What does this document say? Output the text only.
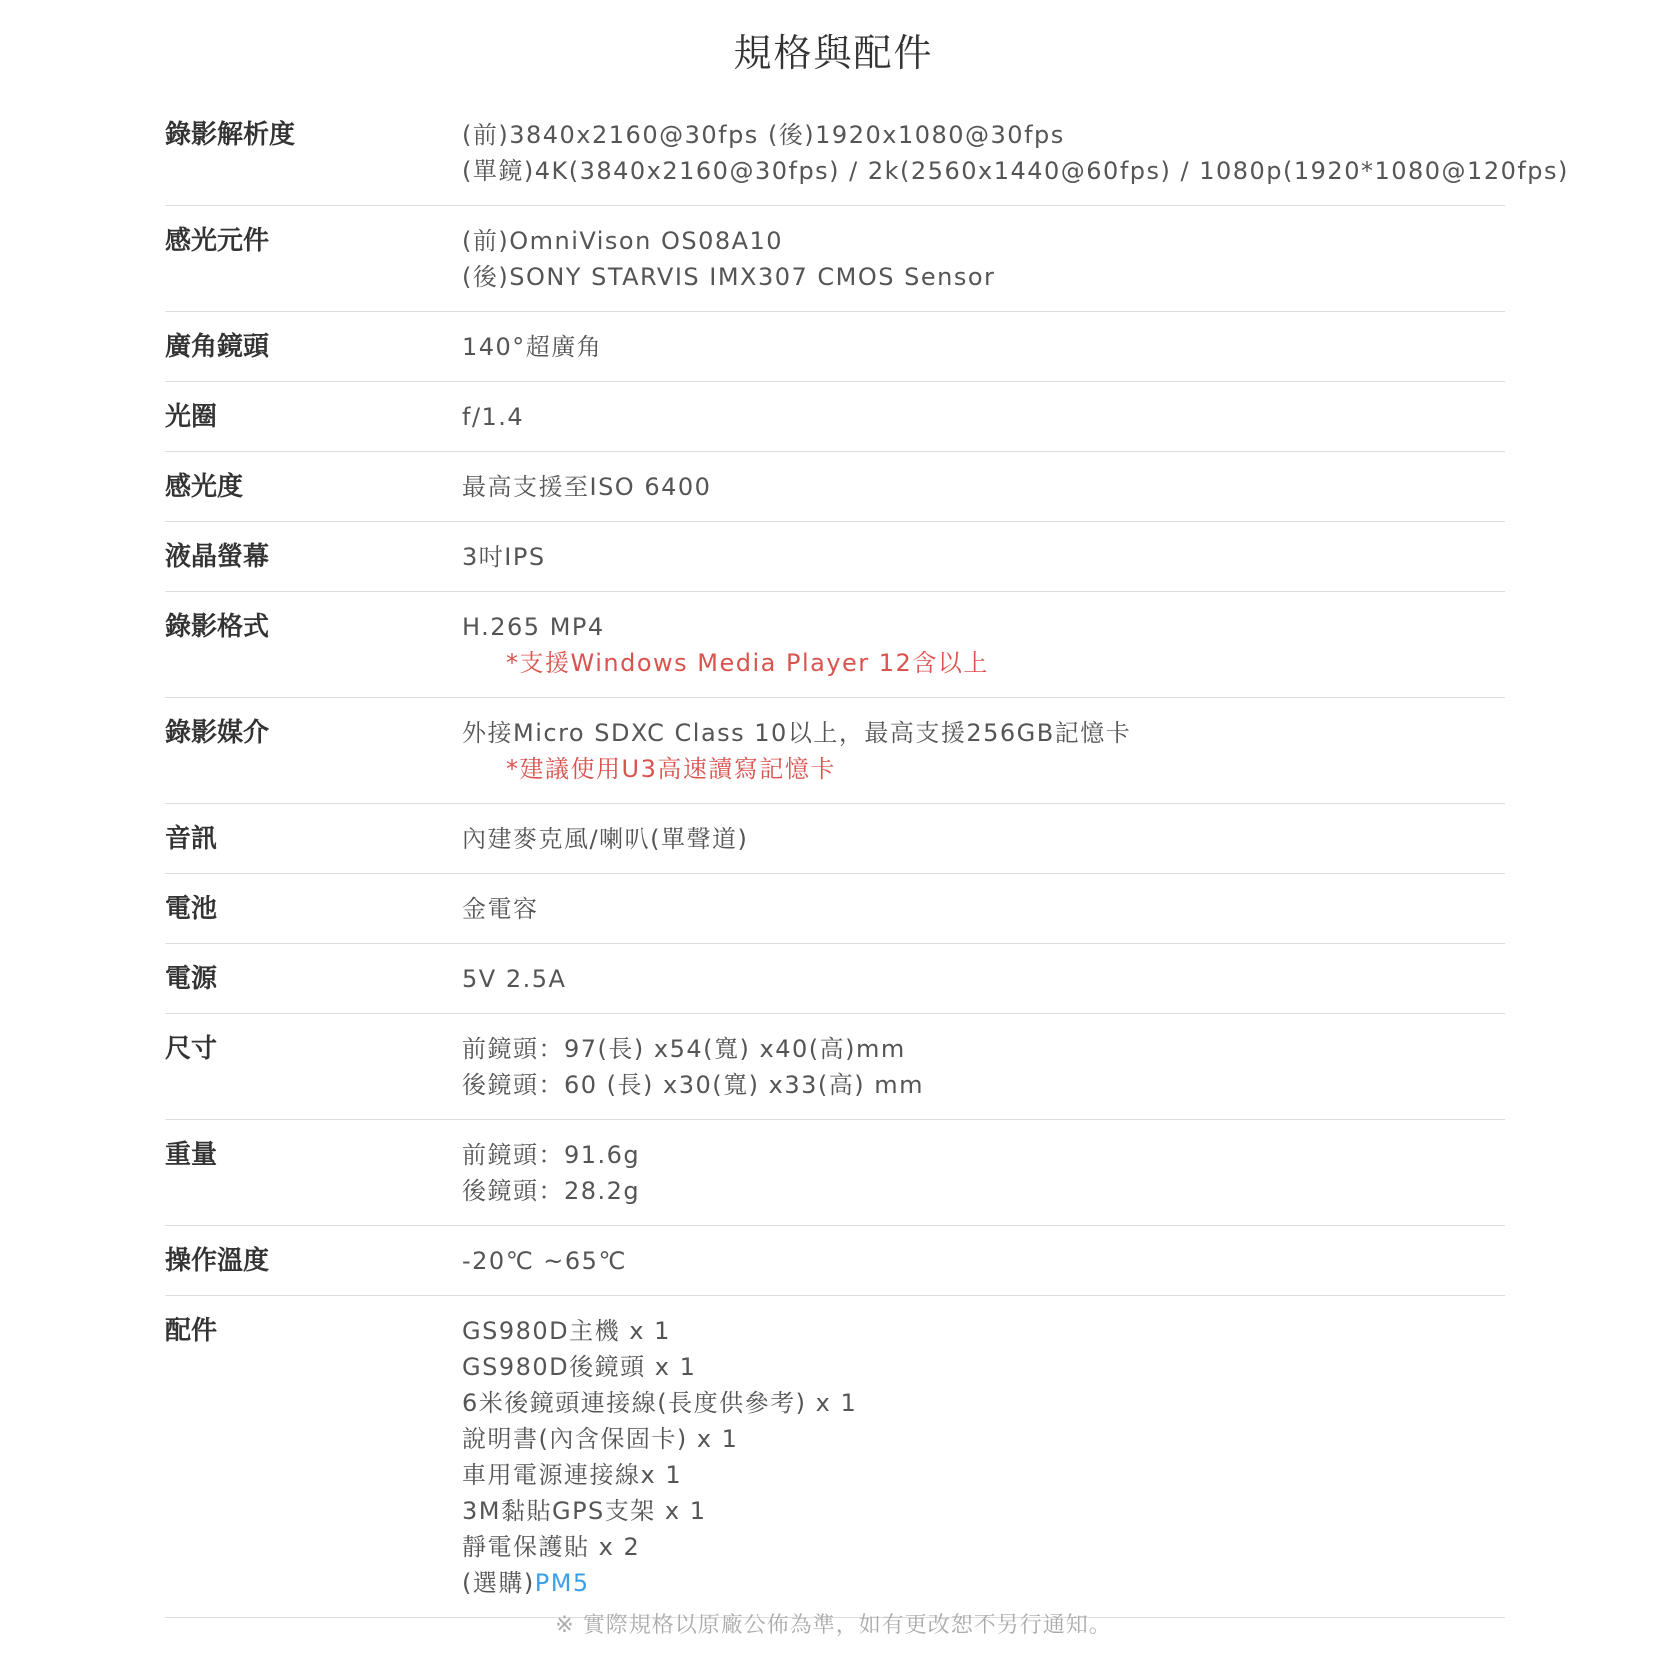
規格與配件
錄影解析度	(前)3840x2160@30fps (後)1920x1080@30fps
(單鏡)4K(3840x2160@30fps) / 2k(2560x1440@60fps) / 1080p(1920*1080@120fps)
感光元件	(前)OmniVison OS08A10
(後)SONY STARVIS IMX307 CMOS Sensor
廣角鏡頭	140°超廣角
光圈	f/1.4
感光度	最高支援至ISO 6400
液晶螢幕	3吋IPS
錄影格式	H.265 MP4
*支援Windows Media Player 12含以上
錄影媒介	外接Micro SDXC Class 10以上，最高支援256GB記憶卡
*建議使用U3高速讀寫記憶卡
音訊	內建麥克風/喇叭(單聲道)
電池	金電容
電源	5V 2.5A
尺寸	前鏡頭：97(長) x54(寬) x40(高)mm
後鏡頭：60 (長) x30(寬) x33(高) mm
重量	前鏡頭：91.6g
後鏡頭：28.2g
操作溫度	-20℃ ~65℃
配件	GS980D主機 x 1
GS980D後鏡頭 x 1
6米後鏡頭連接線(長度供參考) x 1
說明書(內含保固卡) x 1
車用電源連接線x 1
3M黏貼GPS支架 x 1
靜電保護貼 x 2
(選購)PM5
※ 實際規格以原廠公佈為準，如有更改恕不另行通知。
